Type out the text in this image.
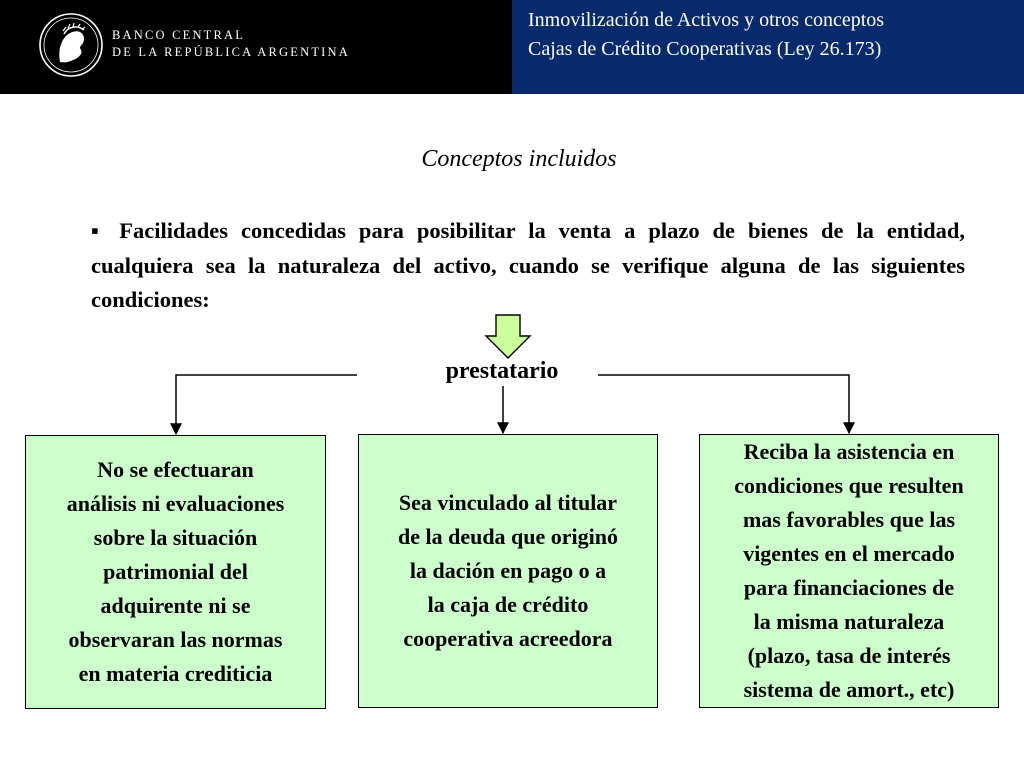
BANCO CENTRAL
DE LA REPÚBLICA ARGENTINA
Inmovilización de Activos y otros conceptos
Cajas de Crédito Cooperativas (Ley 26.173)
Conceptos incluidos
▪ Facilidades concedidas para posibilitar la venta a plazo de bienes de la entidad, cualquiera sea la naturaleza del activo, cuando se verifique alguna de las siguientes condiciones:
prestatario
No se efectuaran
análisis ni evaluaciones
sobre la situación
patrimonial del
adquirente ni se
observaran las normas
en materia crediticia
Sea vinculado al titular
de la deuda que originó
la dación en pago o a
la caja de crédito
cooperativa acreedora
Reciba la asistencia en
condiciones que resulten
mas favorables que las
vigentes en el mercado
para financiaciones de
la misma naturaleza
(plazo, tasa de interés
sistema de amort., etc)
